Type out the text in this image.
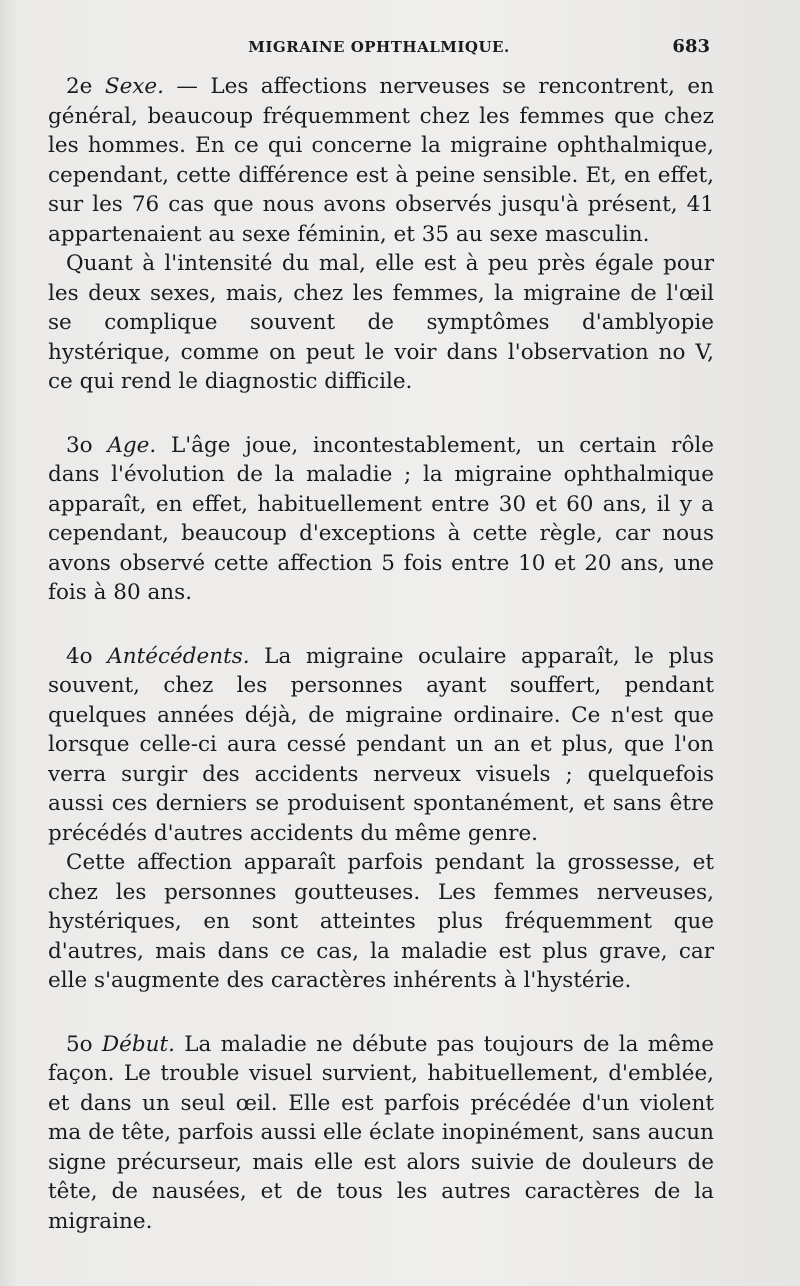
MIGRAINE OPHTHALMIQUE.	683

2e Sexe. — Les affections nerveuses se rencontrent, en général, beaucoup fréquemment chez les femmes que chez les hommes. En ce qui concerne la migraine ophthalmique, cependant, cette différence est à peine sensible. Et, en effet, sur les 76 cas que nous avons observés jusqu'à présent, 41 appartenaient au sexe féminin, et 35 au sexe masculin.

Quant à l'intensité du mal, elle est à peu près égale pour les deux sexes, mais, chez les femmes, la migraine de l'œil se complique souvent de symptômes d'amblyopie hystérique, comme on peut le voir dans l'observation no V, ce qui rend le diagnostic difficile.

3o Age. L'âge joue, incontestablement, un certain rôle dans l'évolution de la maladie ; la migraine ophthalmique apparaît, en effet, habituellement entre 30 et 60 ans, il y a cependant, beaucoup d'exceptions à cette règle, car nous avons observé cette affection 5 fois entre 10 et 20 ans, une fois à 80 ans.

4o Antécédents. La migraine oculaire apparaît, le plus souvent, chez les personnes ayant souffert, pendant quelques années déjà, de migraine ordinaire. Ce n'est que lorsque celle-ci aura cessé pendant un an et plus, que l'on verra surgir des accidents nerveux visuels ; quelquefois aussi ces derniers se produisent spontanément, et sans être précédés d'autres accidents du même genre.

Cette affection apparaît parfois pendant la grossesse, et chez les personnes goutteuses. Les femmes nerveuses, hystériques, en sont atteintes plus fréquemment que d'autres, mais dans ce cas, la maladie est plus grave, car elle s'augmente des caractères inhérents à l'hystérie.

5o Début. La maladie ne débute pas toujours de la même façon. Le trouble visuel survient, habituellement, d'emblée, et dans un seul œil. Elle est parfois précédée d'un violent ma de tête, parfois aussi elle éclate inopinément, sans aucun signe précurseur, mais elle est alors suivie de douleurs de tête, de nausées, et de tous les autres caractères de la migraine.
